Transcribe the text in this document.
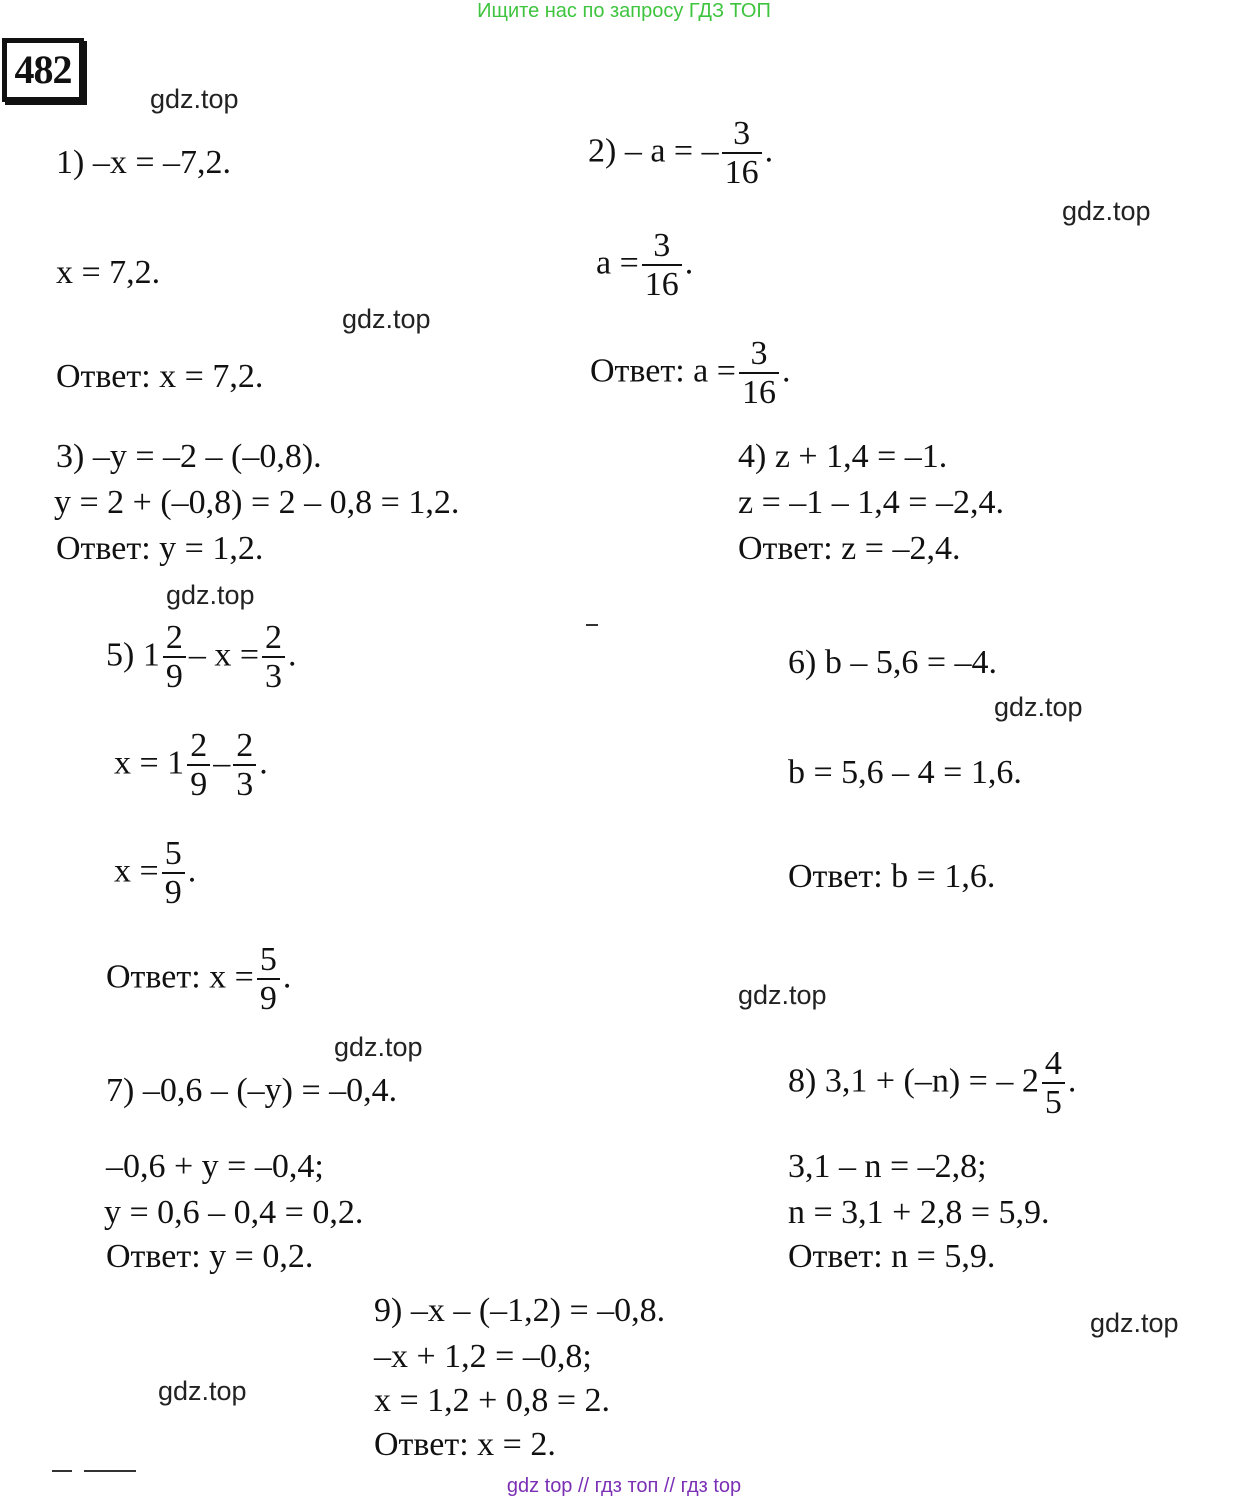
Ищите нас по запросу ГДЗ ТОП
482
gdz.top
gdz.top
gdz.top
gdz.top
gdz.top
gdz.top
gdz.top
gdz.top
gdz.top
1) –x = –7,2.
x = 7,2.
Ответ: x = 7,2.
2) – a = – $\frac{3}{16}$ .
$a = \frac{3}{16}$ .
Ответ: $a = \frac{3}{16}$ .
3) –y = –2 – (–0,8).
y = 2 + (–0,8) = 2 – 0,8 = 1,2.
Ответ: y = 1,2.
4) z + 1,4 = –1.
z = –1 – 1,4 = –2,4.
Ответ: z = –2,4.
5) $1 \frac{2}{9} - x = \frac{2}{3}$ .
$x = 1 \frac{2}{9} - \frac{2}{3}$ .
$x = \frac{5}{9}$ .
Ответ: $x = \frac{5}{9}$ .
6) b – 5,6 = –4.
b = 5,6 – 4 = 1,6.
Ответ: b = 1,6.
7) –0,6 – (–y) = –0,4.
–0,6 + y = –0,4;
y = 0,6 – 0,4 = 0,2.
Ответ: y = 0,2.
8) 3,1 + (–n) = – $2 \frac{4}{5}$ .
3,1 – n = –2,8;
n = 3,1 + 2,8 = 5,9.
Ответ: n = 5,9.
9) –x – (–1,2) = –0,8.
–x + 1,2 = –0,8;
x = 1,2 + 0,8 = 2.
Ответ: x = 2.
gdz top // гдз топ // гдз top
